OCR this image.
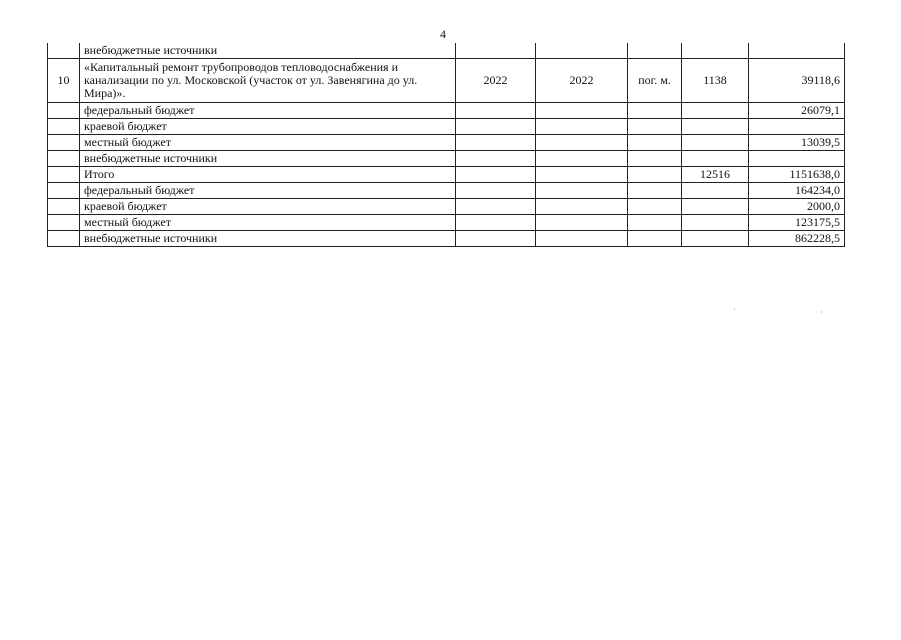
4
	внебюджетные источники					
10	«Капитальный ремонт трубопроводов тепловодоснабжения и канализации по ул. Московской (участок от ул. Завенягина до ул. Мира)».	2022	2022	пог. м.	1138	39118,6
	федеральный бюджет					26079,1
	краевой бюджет					
	местный бюджет					13039,5
	внебюджетные источники					
	Итого				12516	1151638,0
	федеральный бюджет					164234,0
	краевой бюджет					2000,0
	местный бюджет					123175,5
	внебюджетные источники					862228,5
·	·
